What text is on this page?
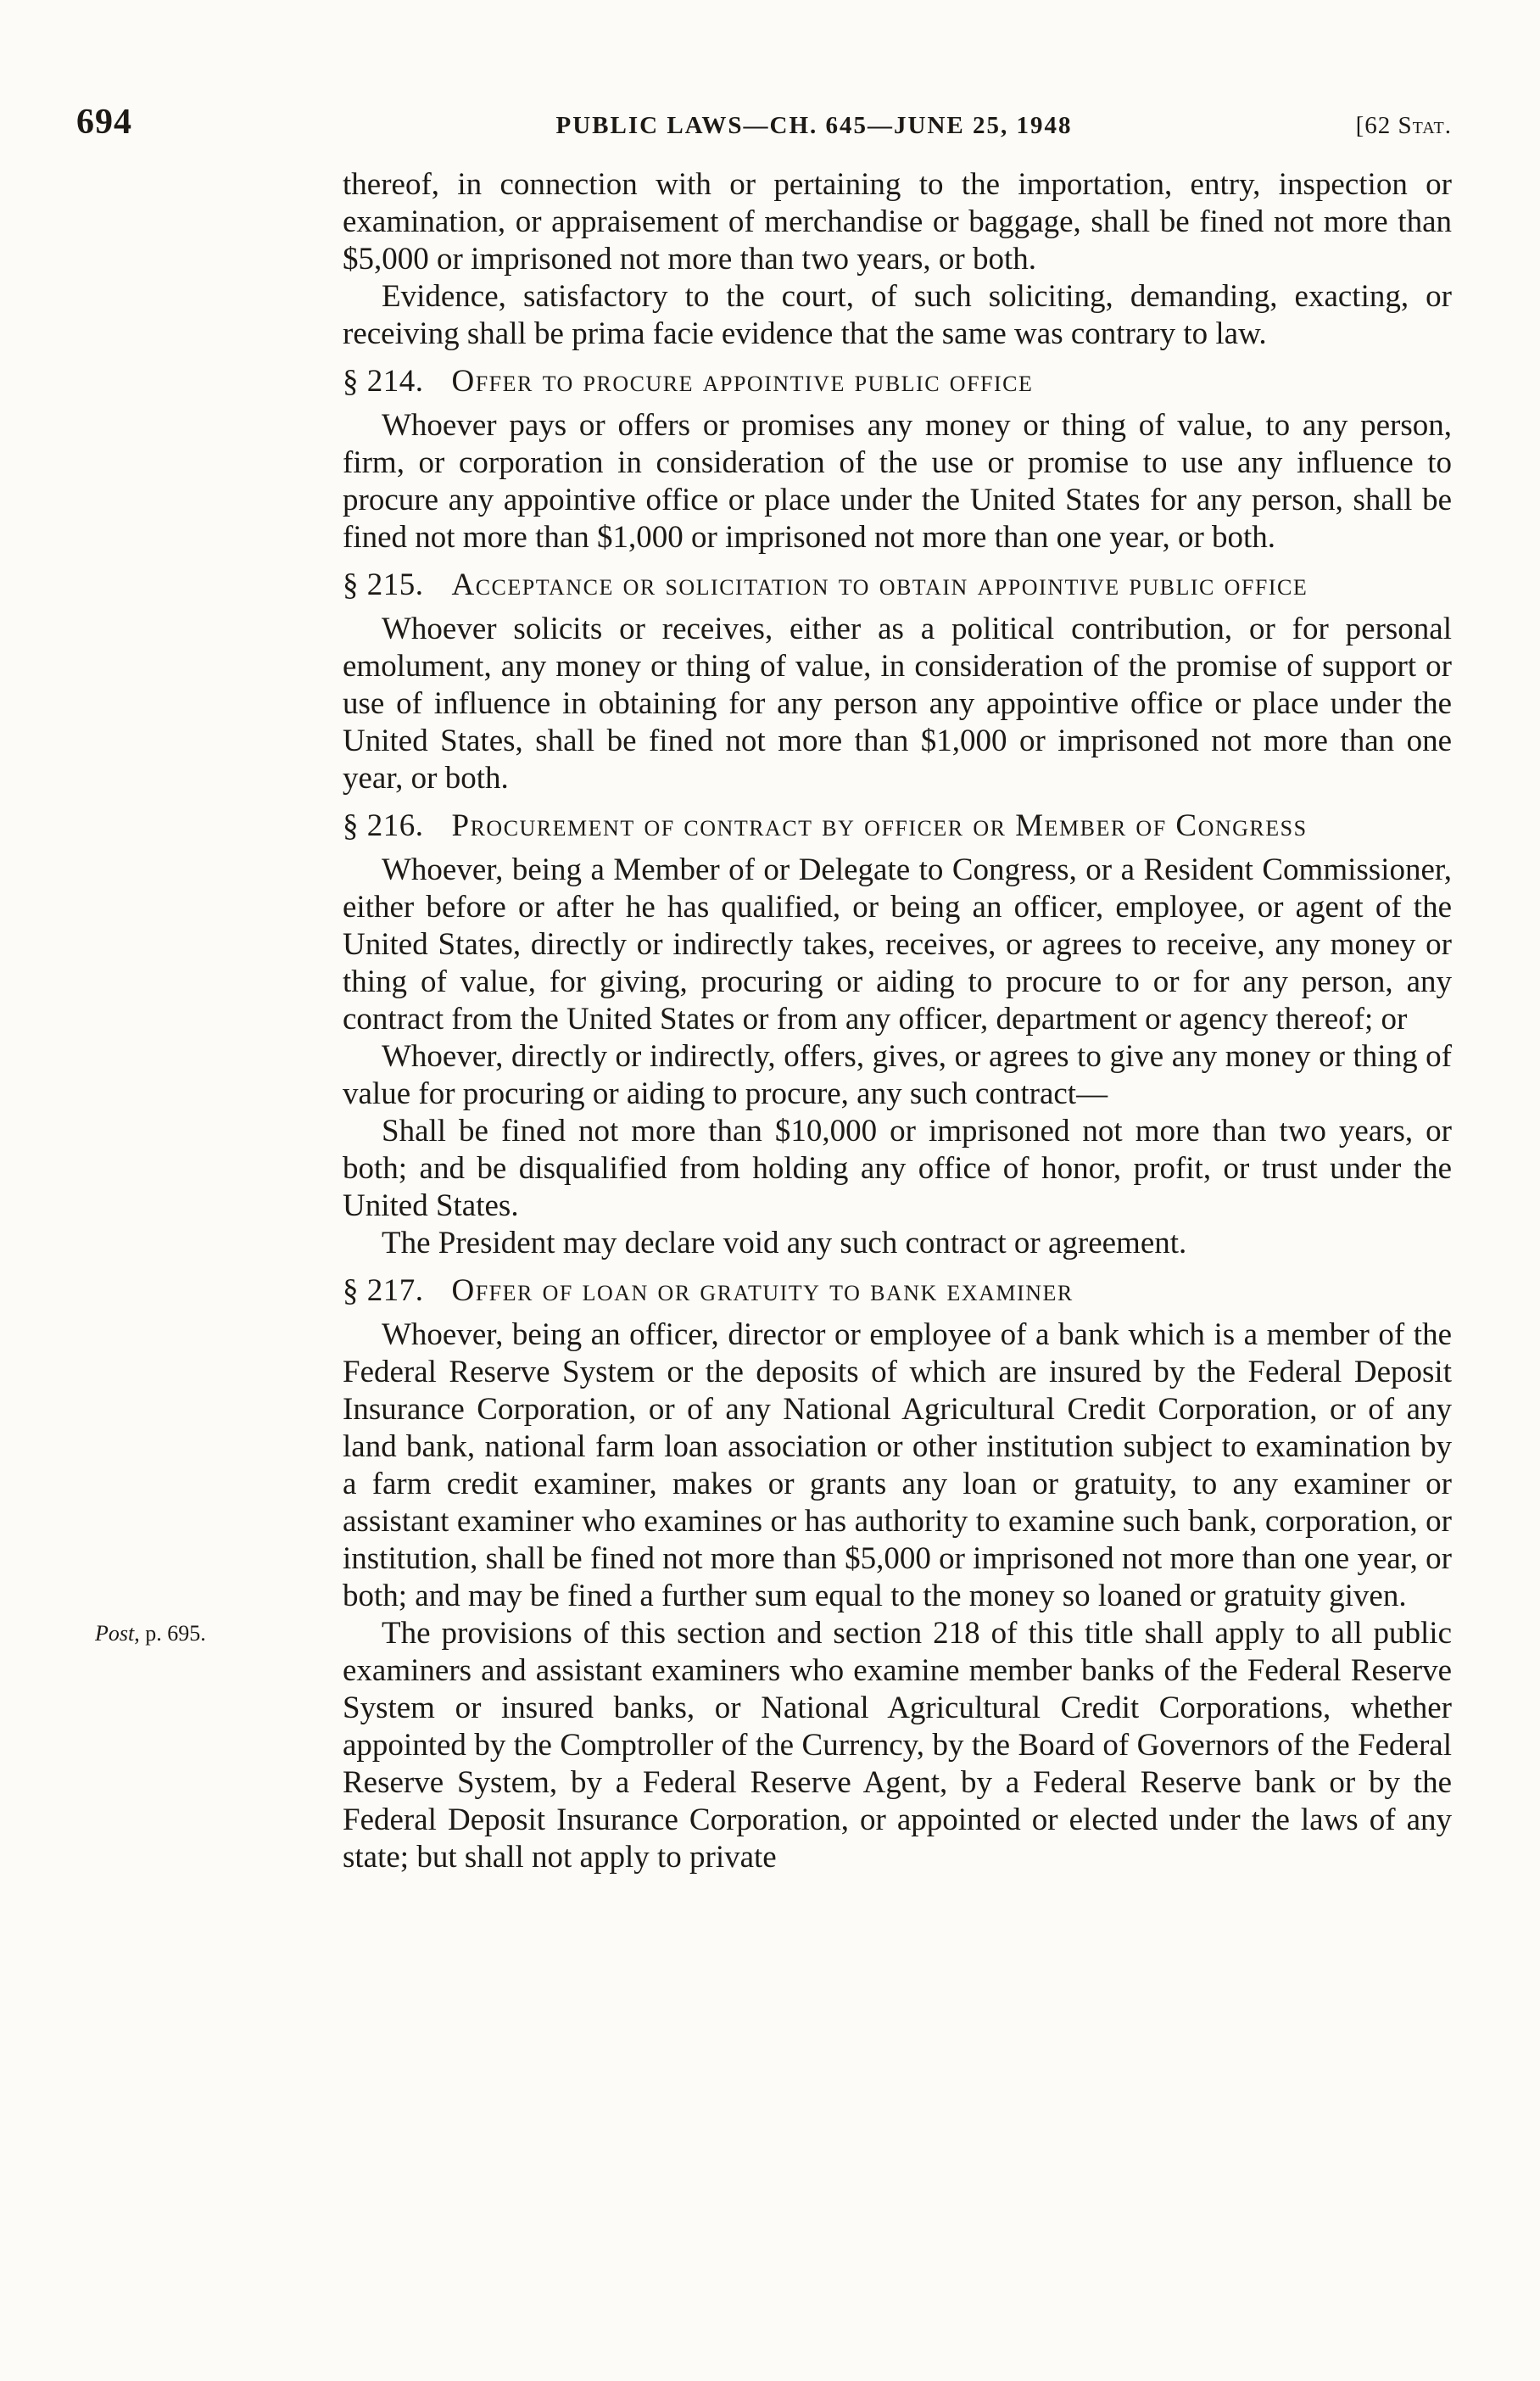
694	PUBLIC LAWS—CH. 645—JUNE 25, 1948	[62 Stat.

thereof, in connection with or pertaining to the importation, entry, inspection or examination, or appraisement of merchandise or baggage, shall be fined not more than $5,000 or imprisoned not more than two years, or both.

Evidence, satisfactory to the court, of such soliciting, demanding, exacting, or receiving shall be prima facie evidence that the same was contrary to law.

§ 214. Offer to procure appointive public office

Whoever pays or offers or promises any money or thing of value, to any person, firm, or corporation in consideration of the use or promise to use any influence to procure any appointive office or place under the United States for any person, shall be fined not more than $1,000 or imprisoned not more than one year, or both.

§ 215. Acceptance or solicitation to obtain appointive public office

Whoever solicits or receives, either as a political contribution, or for personal emolument, any money or thing of value, in consideration of the promise of support or use of influence in obtaining for any person any appointive office or place under the United States, shall be fined not more than $1,000 or imprisoned not more than one year, or both.

§ 216. Procurement of contract by officer or Member of Congress

Whoever, being a Member of or Delegate to Congress, or a Resident Commissioner, either before or after he has qualified, or being an officer, employee, or agent of the United States, directly or indirectly takes, receives, or agrees to receive, any money or thing of value, for giving, procuring or aiding to procure to or for any person, any contract from the United States or from any officer, department or agency thereof; or

Whoever, directly or indirectly, offers, gives, or agrees to give any money or thing of value for procuring or aiding to procure, any such contract—

Shall be fined not more than $10,000 or imprisoned not more than two years, or both; and be disqualified from holding any office of honor, profit, or trust under the United States.

The President may declare void any such contract or agreement.

§ 217. Offer of loan or gratuity to bank examiner

Whoever, being an officer, director or employee of a bank which is a member of the Federal Reserve System or the deposits of which are insured by the Federal Deposit Insurance Corporation, or of any National Agricultural Credit Corporation, or of any land bank, national farm loan association or other institution subject to examination by a farm credit examiner, makes or grants any loan or gratuity, to any examiner or assistant examiner who examines or has authority to examine such bank, corporation, or institution, shall be fined not more than $5,000 or imprisoned not more than one year, or both; and may be fined a further sum equal to the money so loaned or gratuity given.

Post, p. 695.	The provisions of this section and section 218 of this title shall apply to all public examiners and assistant examiners who examine member banks of the Federal Reserve System or insured banks, or National Agricultural Credit Corporations, whether appointed by the Comptroller of the Currency, by the Board of Governors of the Federal Reserve System, by a Federal Reserve Agent, by a Federal Reserve bank or by the Federal Deposit Insurance Corporation, or appointed or elected under the laws of any state; but shall not apply to private
